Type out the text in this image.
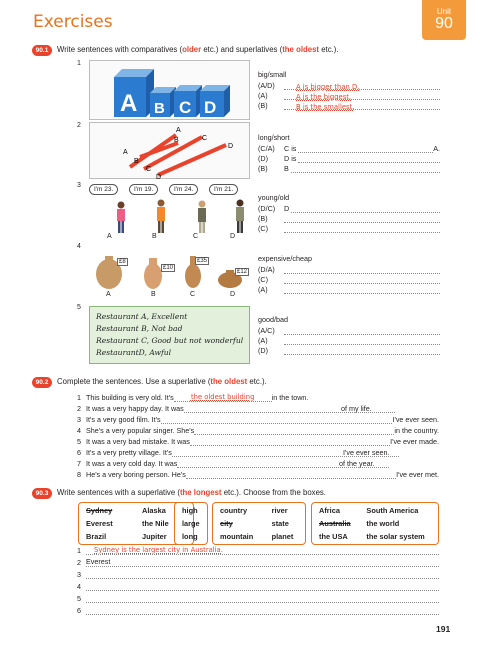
Exercises
Unit
90
90.1	Write sentences with comparatives (older etc.) and superlatives (the oldest etc.).
A B C D
A
A
B
B
C
C
D
D
I'm 23.	I'm 19.	I'm 24.	I'm 21.
A	B	C	D
£8
£10
£35
£12
A	B	C	D
Restaurant A, Excellent
Restaurant B, Not bad
Restaurant C, Good but not wonderful
RestaurantD, Awful
1
2
3
4
5
big/small
(A/D)	A is bigger than D.
(A)	A is the biggest.
(B)	B is the smallest.
long/short
(C/A)	C is	A.
(D)	D is
(B)	B
young/old
(D/C)	D
(B)
(C)
expensive/cheap
(D/A)
(C)
(A)
good/bad
(A/C)
(A)
(D)
90.2	Complete the sentences. Use a superlative (the oldest etc.).
1 This building is very old. It's	the oldest building	in the town.
2 It was a very happy day. It was	of my life.
3 It's a very good film. It's	I've ever seen.
4 She's a very popular singer. She's	in the country.
5 It was a very bad mistake. It was	I've ever made.
6 It's a very pretty village. It's	I've ever seen.
7 It was a very cold day. It was	of the year.
8 He's a very boring person. He's	I've ever met.
90.3	Write sentences with a superlative (the longest etc.). Choose from the boxes.
Sydney	Alaska
Everest	the Nile
Brazil	Jupiter
high
large
long
country	river
city	state
mountain	planet
Africa	South America
Australia	the world
the USA	the solar system
1	Sydney is the largest city in Australia.
2 Everest
3
4
5
6
191
